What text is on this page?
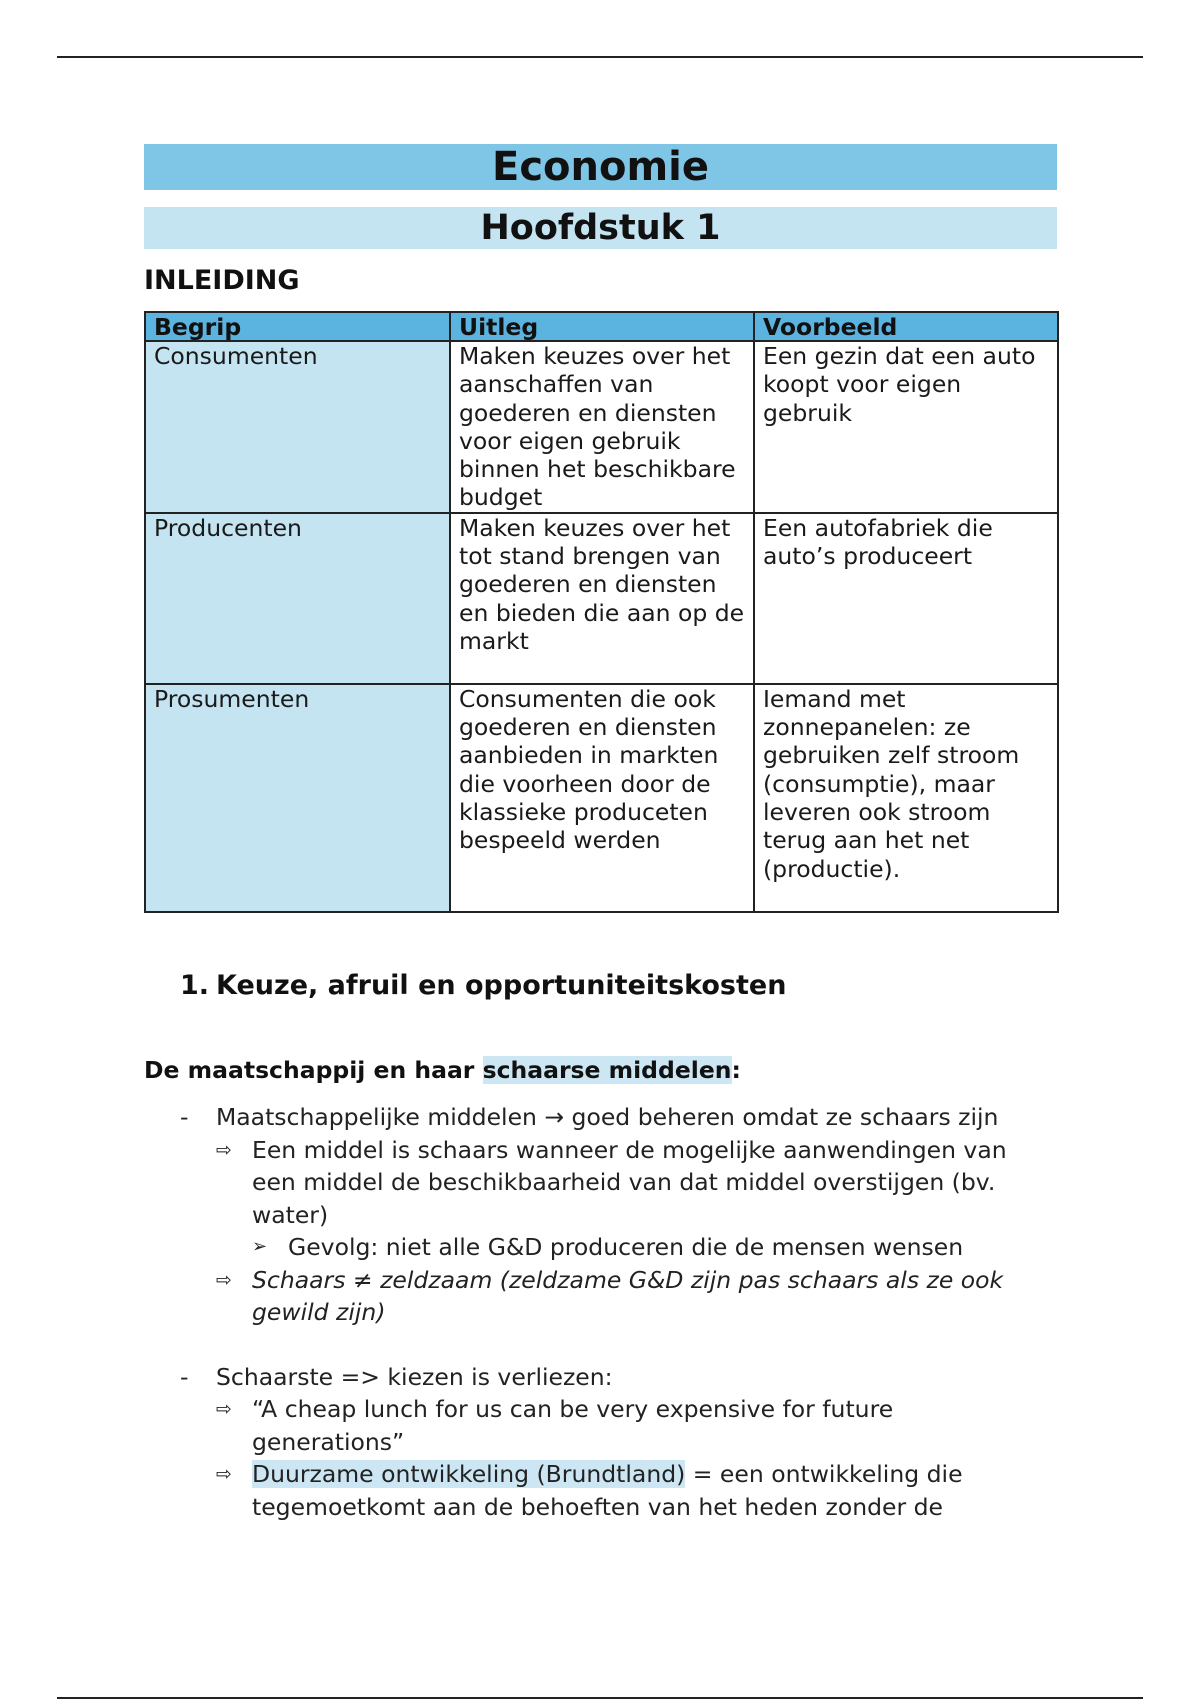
Economie
Hoofdstuk 1
INLEIDING
Begrip	Uitleg	Voorbeeld
Consumenten	Maken keuzes over het aanschaffen van goederen en diensten voor eigen gebruik binnen het beschikbare budget	Een gezin dat een auto koopt voor eigen gebruik
Producenten	Maken keuzes over het tot stand brengen van goederen en diensten en bieden die aan op de markt	Een autofabriek die auto’s produceert
Prosumenten	Consumenten die ook goederen en diensten aanbieden in markten die voorheen door de klassieke produceten bespeeld werden	Iemand met zonnepanelen: ze gebruiken zelf stroom (consumptie), maar leveren ook stroom terug aan het net (productie).
1. Keuze, afruil en opportuniteitskosten
De maatschappij en haar schaarse middelen:
- Maatschappelijke middelen → goed beheren omdat ze schaars zijn
⇨ Een middel is schaars wanneer de mogelijke aanwendingen van
een middel de beschikbaarheid van dat middel overstijgen (bv.
water)
➢ Gevolg: niet alle G&D produceren die de mensen wensen
⇨ Schaars ≠ zeldzaam (zeldzame G&D zijn pas schaars als ze ook
gewild zijn)
- Schaarste => kiezen is verliezen:
⇨ “A cheap lunch for us can be very expensive for future
generations”
⇨ Duurzame ontwikkeling (Brundtland) = een ontwikkeling die
tegemoetkomt aan de behoeften van het heden zonder de
